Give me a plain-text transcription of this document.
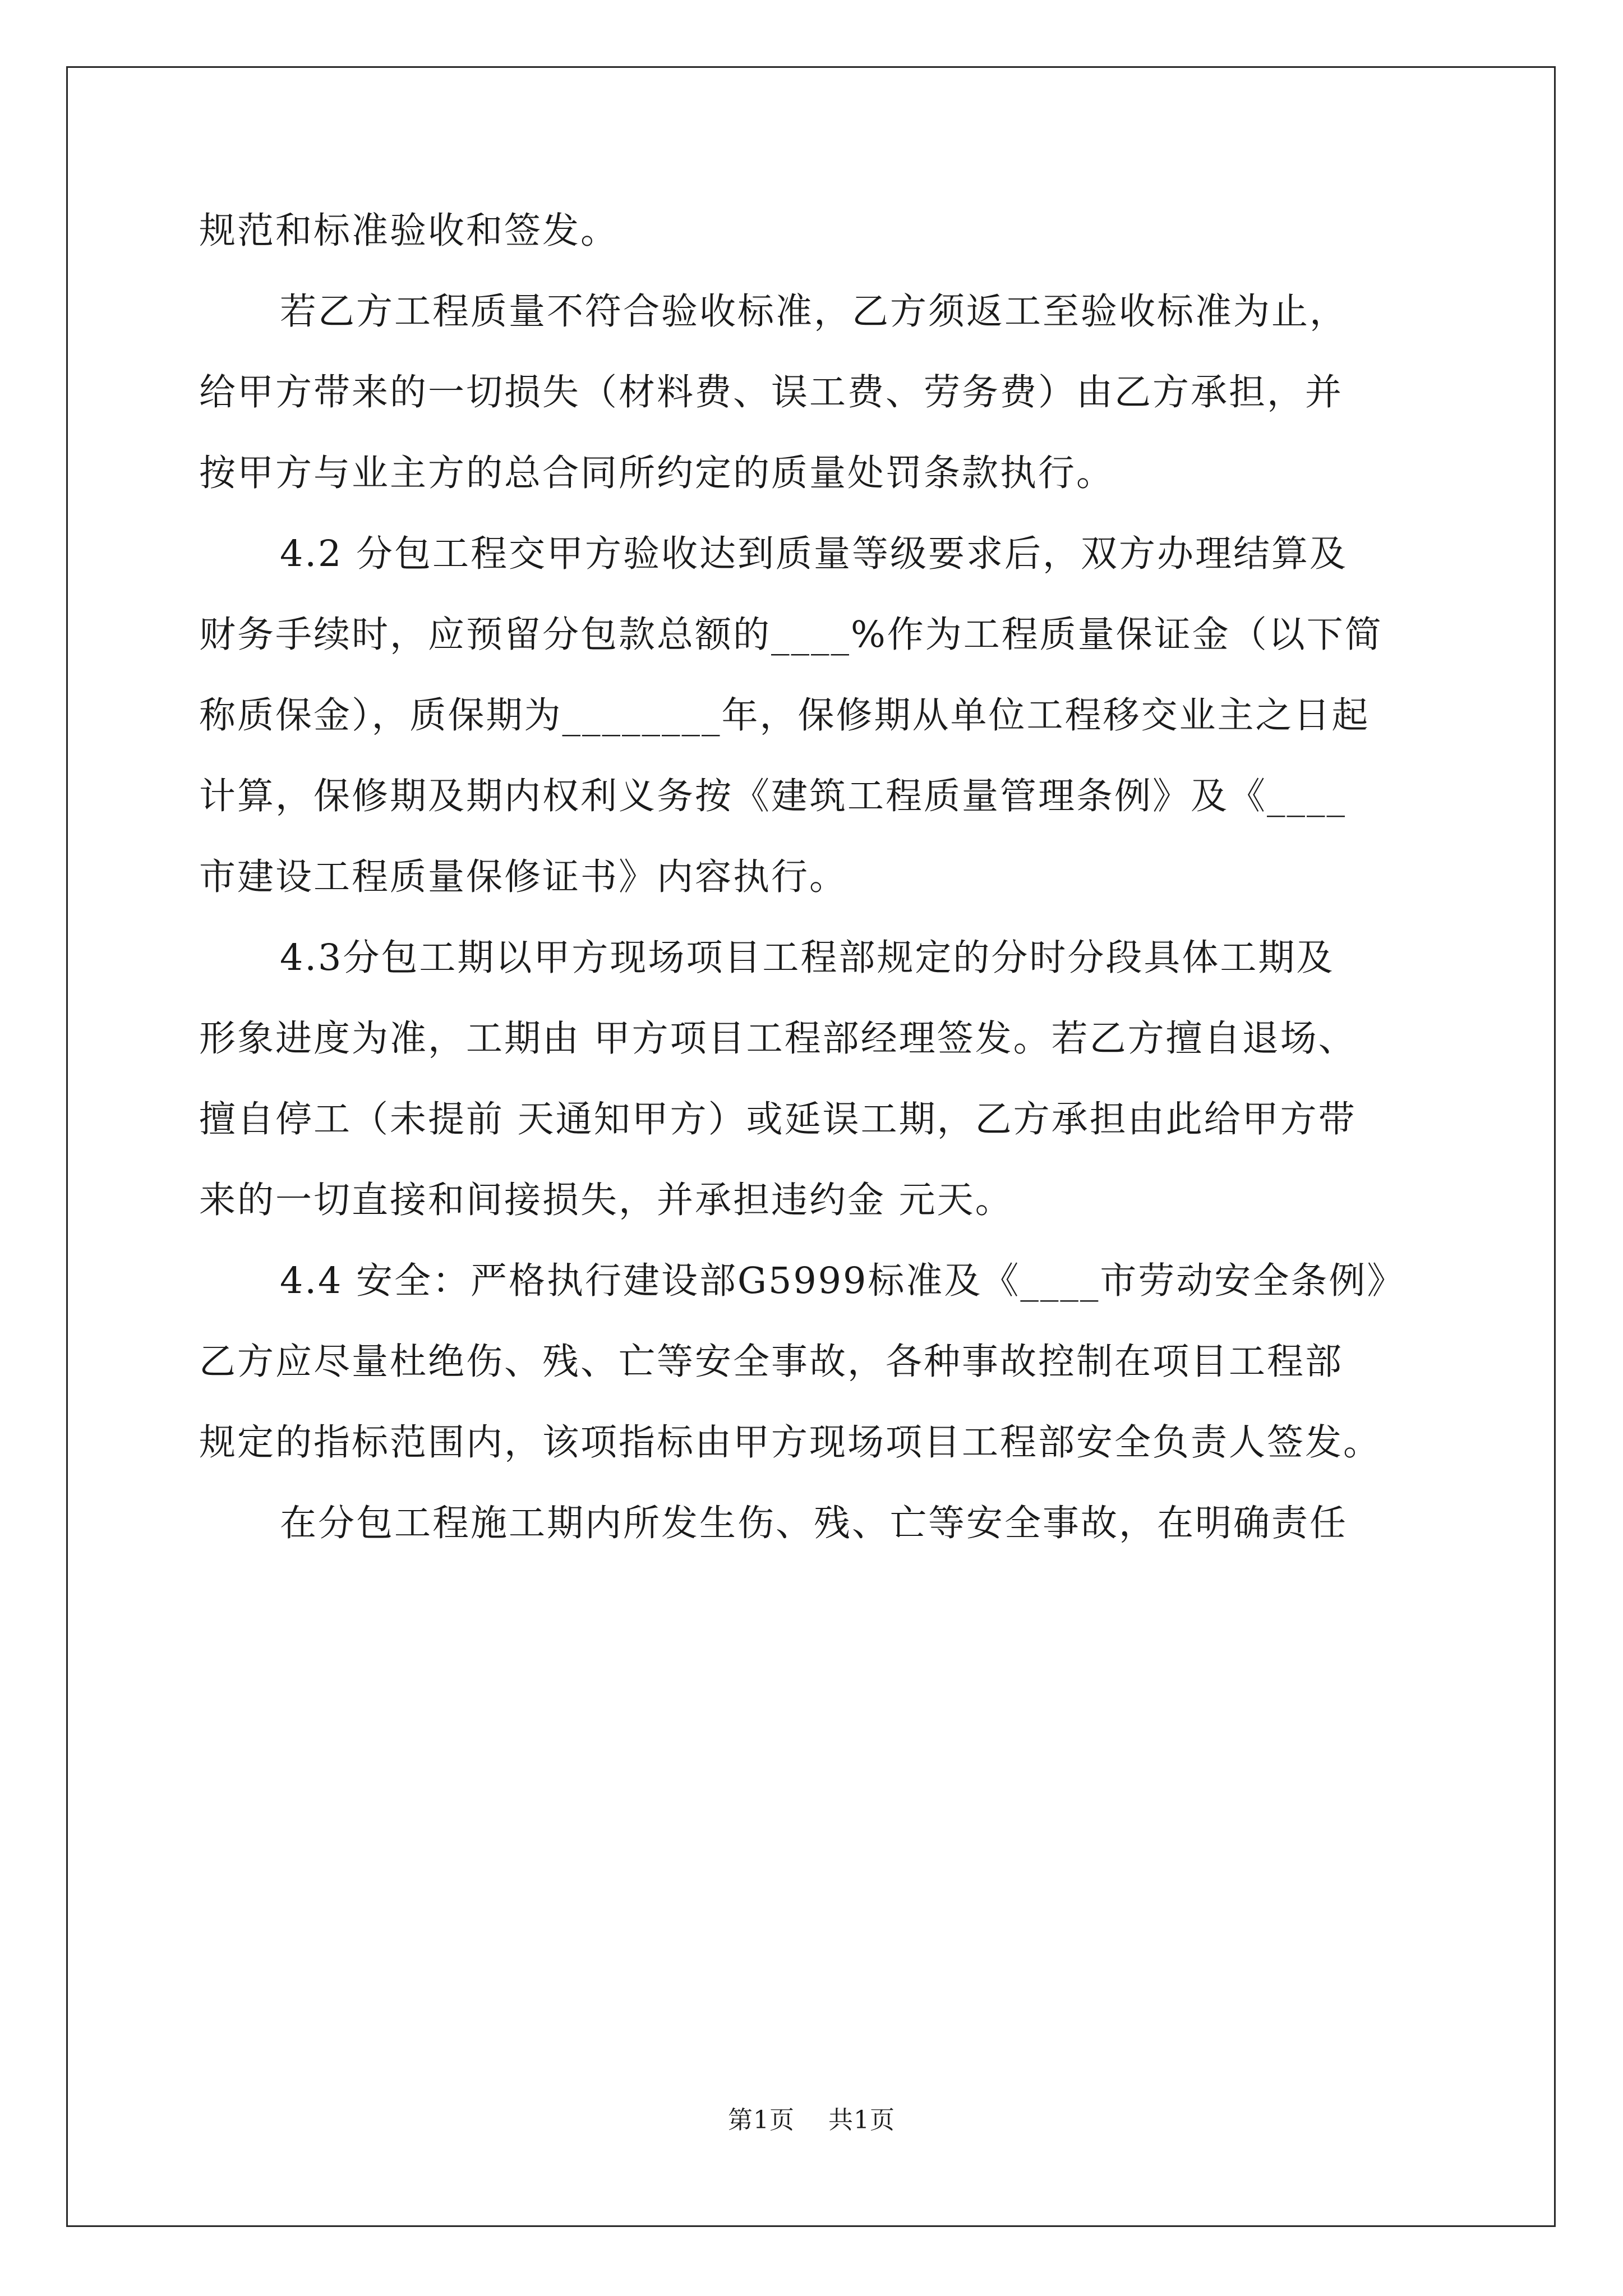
规范和标准验收和签发。
若乙方工程质量不符合验收标准，乙方须返工至验收标准为止，
给甲方带来的一切损失（材料费、误工费、劳务费）由乙方承担，并
按甲方与业主方的总合同所约定的质量处罚条款执行。
4.2 分包工程交甲方验收达到质量等级要求后，双方办理结算及
财务手续时，应预留分包款总额的____%作为工程质量保证金（以下简
称质保金），质保期为________年，保修期从单位工程移交业主之日起
计算，保修期及期内权利义务按《建筑工程质量管理条例》及《____
市建设工程质量保修证书》内容执行。
4.3分包工期以甲方现场项目工程部规定的分时分段具体工期及
形象进度为准，工期由 甲方项目工程部经理签发。若乙方擅自退场、
擅自停工（未提前 天通知甲方）或延误工期，乙方承担由此给甲方带
来的一切直接和间接损失，并承担违约金 元天。
4.4 安全：严格执行建设部G5999标准及《____市劳动安全条例》
乙方应尽量杜绝伤、残、亡等安全事故，各种事故控制在项目工程部
规定的指标范围内，该项指标由甲方现场项目工程部安全负责人签发。
在分包工程施工期内所发生伤、残、亡等安全事故，在明确责任
第1页    共1页
